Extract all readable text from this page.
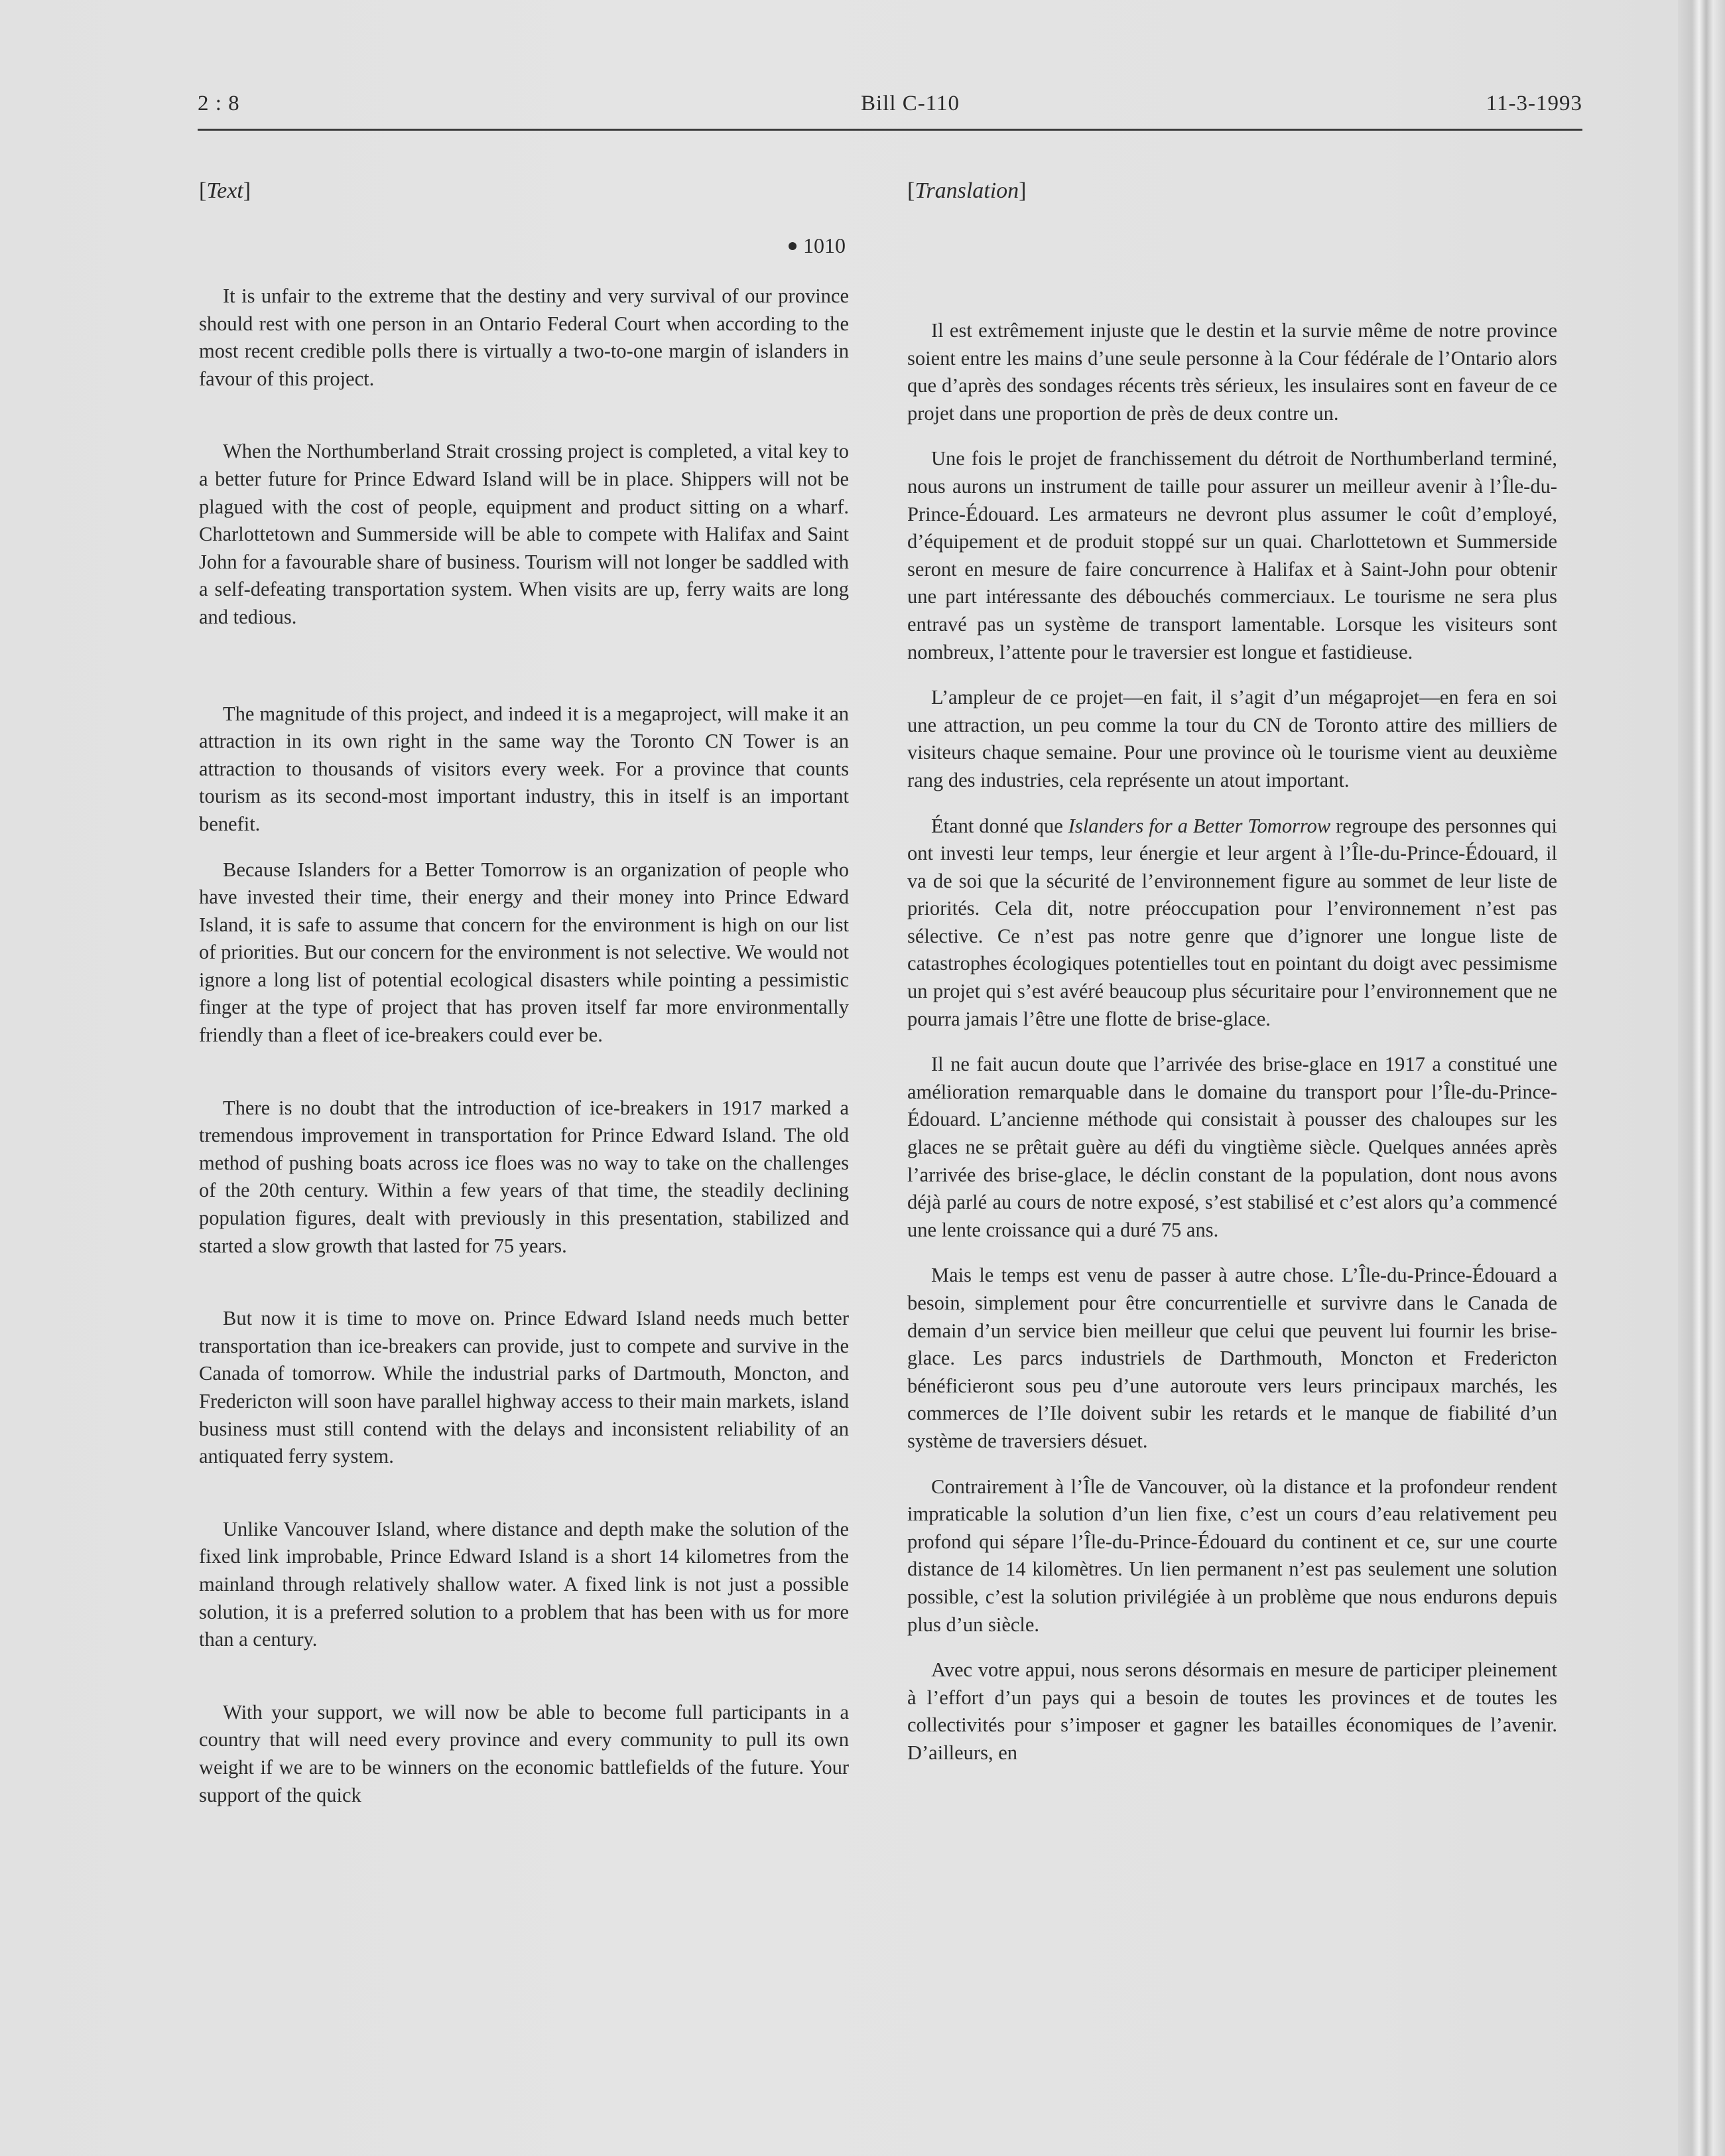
2 : 8	Bill C-110	11-3-1993
[Text]
1010

It is unfair to the extreme that the destiny and very survival of our province should rest with one person in an Ontario Federal Court when according to the most recent credible polls there is virtually a two-to-one margin of islanders in favour of this project.

When the Northumberland Strait crossing project is completed, a vital key to a better future for Prince Edward Island will be in place. Shippers will not be plagued with the cost of people, equipment and product sitting on a wharf. Charlottetown and Summerside will be able to compete with Halifax and Saint John for a favourable share of business. Tourism will not longer be saddled with a self-defeating transportation system. When visits are up, ferry waits are long and tedious.

The magnitude of this project, and indeed it is a megaproject, will make it an attraction in its own right in the same way the Toronto CN Tower is an attraction to thousands of visitors every week. For a province that counts tourism as its second-most important industry, this in itself is an important benefit.

Because Islanders for a Better Tomorrow is an organization of people who have invested their time, their energy and their money into Prince Edward Island, it is safe to assume that concern for the environment is high on our list of priorities. But our concern for the environment is not selective. We would not ignore a long list of potential ecological disasters while pointing a pessimistic finger at the type of project that has proven itself far more environmentally friendly than a fleet of ice-breakers could ever be.

There is no doubt that the introduction of ice-breakers in 1917 marked a tremendous improvement in transportation for Prince Edward Island. The old method of pushing boats across ice floes was no way to take on the challenges of the 20th century. Within a few years of that time, the steadily declining population figures, dealt with previously in this presentation, stabilized and started a slow growth that lasted for 75 years.

But now it is time to move on. Prince Edward Island needs much better transportation than ice-breakers can provide, just to compete and survive in the Canada of tomorrow. While the industrial parks of Dartmouth, Moncton, and Fredericton will soon have parallel highway access to their main markets, island business must still contend with the delays and inconsistent reliability of an antiquated ferry system.

Unlike Vancouver Island, where distance and depth make the solution of the fixed link improbable, Prince Edward Island is a short 14 kilometres from the mainland through relatively shallow water. A fixed link is not just a possible solution, it is a preferred solution to a problem that has been with us for more than a century.

With your support, we will now be able to become full participants in a country that will need every province and every community to pull its own weight if we are to be winners on the economic battlefields of the future. Your support of the quick

[Translation]

Il est extrêmement injuste que le destin et la survie même de notre province soient entre les mains d’une seule personne à la Cour fédérale de l’Ontario alors que d’après des sondages récents très sérieux, les insulaires sont en faveur de ce projet dans une proportion de près de deux contre un.

Une fois le projet de franchissement du détroit de Northumberland terminé, nous aurons un instrument de taille pour assurer un meilleur avenir à l’Île-du-Prince-Édouard. Les armateurs ne devront plus assumer le coût d’employé, d’équipement et de produit stoppé sur un quai. Charlottetown et Summerside seront en mesure de faire concurrence à Halifax et à Saint-John pour obtenir une part intéressante des débouchés commerciaux. Le tourisme ne sera plus entravé pas un système de transport lamentable. Lorsque les visiteurs sont nombreux, l’attente pour le traversier est longue et fastidieuse.

L’ampleur de ce projet—en fait, il s’agit d’un mégaprojet—en fera en soi une attraction, un peu comme la tour du CN de Toronto attire des milliers de visiteurs chaque semaine. Pour une province où le tourisme vient au deuxième rang des industries, cela représente un atout important.

Étant donné que Islanders for a Better Tomorrow regroupe des personnes qui ont investi leur temps, leur énergie et leur argent à l’Île-du-Prince-Édouard, il va de soi que la sécurité de l’environnement figure au sommet de leur liste de priorités. Cela dit, notre préoccupation pour l’environnement n’est pas sélective. Ce n’est pas notre genre que d’ignorer une longue liste de catastrophes écologiques potentielles tout en pointant du doigt avec pessimisme un projet qui s’est avéré beaucoup plus sécuritaire pour l’environnement que ne pourra jamais l’être une flotte de brise-glace.

Il ne fait aucun doute que l’arrivée des brise-glace en 1917 a constitué une amélioration remarquable dans le domaine du transport pour l’Île-du-Prince-Édouard. L’ancienne méthode qui consistait à pousser des chaloupes sur les glaces ne se prêtait guère au défi du vingtième siècle. Quelques années après l’arrivée des brise-glace, le déclin constant de la population, dont nous avons déjà parlé au cours de notre exposé, s’est stabilisé et c’est alors qu’a commencé une lente croissance qui a duré 75 ans.

Mais le temps est venu de passer à autre chose. L’Île-du-Prince-Édouard a besoin, simplement pour être concurrentielle et survivre dans le Canada de demain d’un service bien meilleur que celui que peuvent lui fournir les brise-glace. Les parcs industriels de Darthmouth, Moncton et Fredericton bénéficieront sous peu d’une autoroute vers leurs principaux marchés, les commerces de l’Ile doivent subir les retards et le manque de fiabilité d’un système de traversiers désuet.

Contrairement à l’Île de Vancouver, où la distance et la profondeur rendent impraticable la solution d’un lien fixe, c’est un cours d’eau relativement peu profond qui sépare l’Île-du-Prince-Édouard du continent et ce, sur une courte distance de 14 kilomètres. Un lien permanent n’est pas seulement une solution possible, c’est la solution privilégiée à un problème que nous endurons depuis plus d’un siècle.

Avec votre appui, nous serons désormais en mesure de participer pleinement à l’effort d’un pays qui a besoin de toutes les provinces et de toutes les collectivités pour s’imposer et gagner les batailles économiques de l’avenir. D’ailleurs, en
